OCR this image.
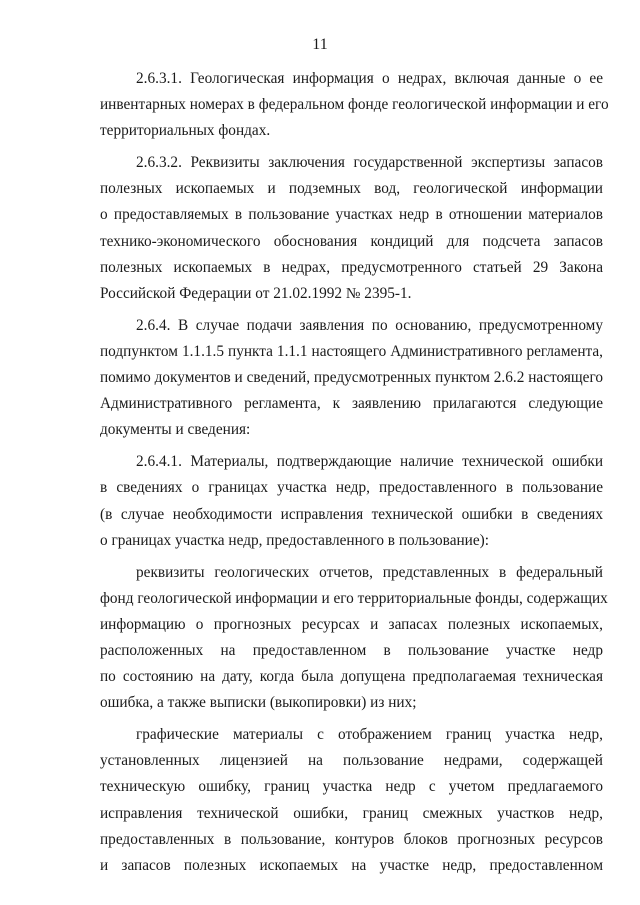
11

2.6.3.1. Геологическая информация о недрах, включая данные о ее
инвентарных номерах в федеральном фонде геологической информации и его
территориальных фондах.

2.6.3.2. Реквизиты заключения государственной экспертизы запасов
полезных ископаемых и подземных вод, геологической информации
о предоставляемых в пользование участках недр в отношении материалов
технико-экономического обоснования кондиций для подсчета запасов
полезных ископаемых в недрах, предусмотренного статьей 29 Закона
Российской Федерации от 21.02.1992 № 2395-1.

2.6.4. В случае подачи заявления по основанию, предусмотренному
подпунктом 1.1.1.5 пункта 1.1.1 настоящего Административного регламента,
помимо документов и сведений, предусмотренных пунктом 2.6.2 настоящего
Административного регламента, к заявлению прилагаются следующие
документы и сведения:

2.6.4.1. Материалы, подтверждающие наличие технической ошибки
в сведениях о границах участка недр, предоставленного в пользование
(в случае необходимости исправления технической ошибки в сведениях
о границах участка недр, предоставленного в пользование):

реквизиты геологических отчетов, представленных в федеральный
фонд геологической информации и его территориальные фонды, содержащих
информацию о прогнозных ресурсах и запасах полезных ископаемых,
расположенных на предоставленном в пользование участке недр
по состоянию на дату, когда была допущена предполагаемая техническая
ошибка, а также выписки (выкопировки) из них;

графические материалы с отображением границ участка недр,
установленных лицензией на пользование недрами, содержащей
техническую ошибку, границ участка недр с учетом предлагаемого
исправления технической ошибки, границ смежных участков недр,
предоставленных в пользование, контуров блоков прогнозных ресурсов
и запасов полезных ископаемых на участке недр, предоставленном
